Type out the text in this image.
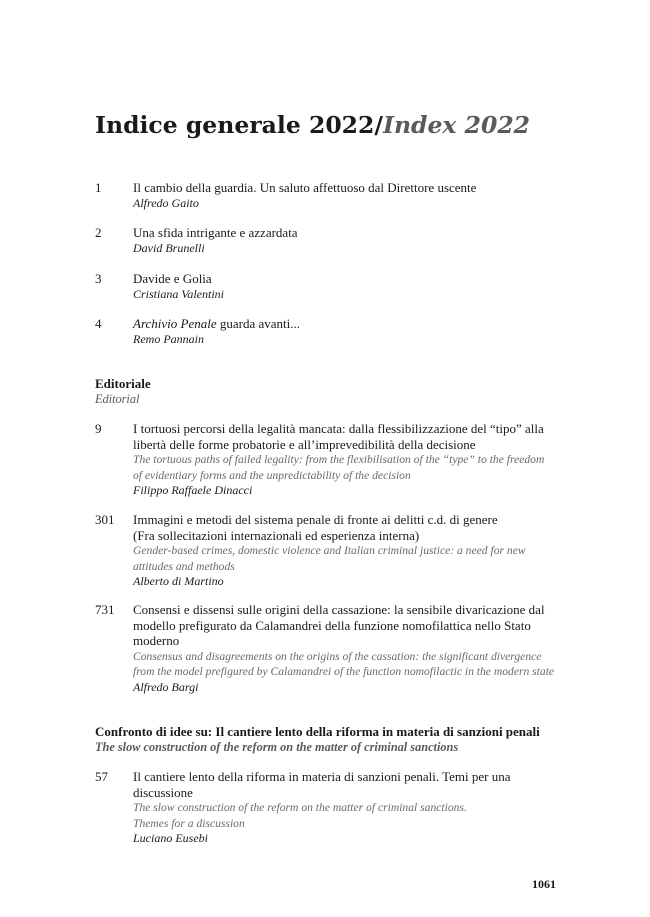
Indice generale 2022/Index 2022
1 Il cambio della guardia. Un saluto affettuoso dal Direttore uscente
Alfredo Gaito
2 Una sfida intrigante e azzardata
David Brunelli
3 Davide e Golia
Cristiana Valentini
4 Archivio Penale guarda avanti...
Remo Pannain
Editoriale
Editorial
9 I tortuosi percorsi della legalità mancata: dalla flessibilizzazione del “tipo” alla
libertà delle forme probatorie e all’imprevedibilità della decisione
The tortuous paths of failed legality: from the flexibilisation of the “type” to the freedom
of evidentiary forms and the unpredictability of the decision
Filippo Raffaele Dinacci
301 Immagini e metodi del sistema penale di fronte ai delitti c.d. di genere
(Fra sollecitazioni internazionali ed esperienza interna)
Gender-based crimes, domestic violence and Italian criminal justice: a need for new
attitudes and methods
Alberto di Martino
731 Consensi e dissensi sulle origini della cassazione: la sensibile divaricazione dal
modello prefigurato da Calamandrei della funzione nomofilattica nello Stato
moderno
Consensus and disagreements on the origins of the cassation: the significant divergence
from the model prefigured by Calamandrei of the function nomofilactic in the modern state
Alfredo Bargi
Confronto di idee su: Il cantiere lento della riforma in materia di sanzioni penali
The slow construction of the reform on the matter of criminal sanctions
57 Il cantiere lento della riforma in materia di sanzioni penali. Temi per una
discussione
The slow construction of the reform on the matter of criminal sanctions.
Themes for a discussion
Luciano Eusebi
1061
